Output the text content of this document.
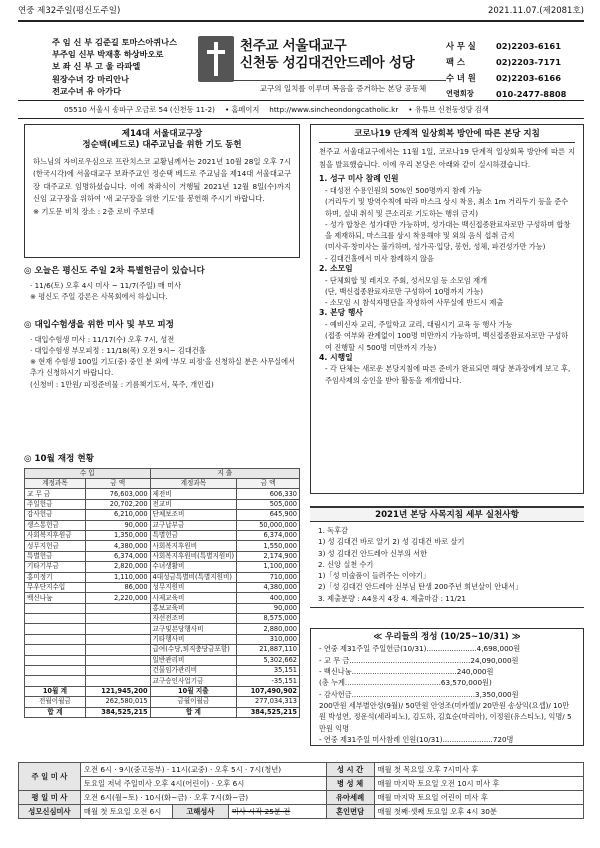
연중 제32주일(평신도주일)	2021.11.07.(제2081호)
주 임 신 부 김준길 토마스아퀴나스
부주임 신부 박재홍 하상바오로
보 좌 신 부 고 울 라파엘
원장수녀 강 마리안나
전교수녀 유 아가다
천주교 서울대교구
신천동 성김대건안드레아 성당
교구의 일치를 이루며 복음을 증거하는 본당 공동체
사 무 실	02)2203-6161
팩 스	02)2203-7171
수 녀 원	02)2203-6166
연령회장	010-2477-8808
05510 서울시 송파구 오금로 54 (신천동 11-2) • 홈페이지 http://www.sincheondongcatholic.kr • 유튜브 신천동성당 검색
제14대 서울대교구장
정순택(베드로) 대주교님을 위한 기도 동헌
하느님의 자비로우심으로 프란치스코 교황님께서는 2021년 10월 28일 오후 7시(한국시각)에 서울대교구 보좌주교인 정순택 베드로 주교님을 제14대 서울대교구장 대주교로 임명하셨습니다. 이에 착좌식이 거행될 2021년 12월 8일(수)까지 신임 교구장을 위하여 '새 교구장을 위한 기도'를 봉헌해 주시기 바랍니다.
※ 기도문 비치 장소 : 2층 로비 주보대
◎ 오늘은 평신도 주일 2차 특별헌금이 있습니다
· 11/6(토) 오후 4시 미사 ~ 11/7(주일) 매 미사
※ 평신도 주일 강론은 사목회에서 하십니다.
◎ 대입수험생을 위한 미사 및 부모 피정
· 대입수험생 미사 : 11/17(수) 오후 7시, 성전
· 대입수험생 부모피정 : 11/18(목) 오전 9시~ 김대건홀
※ 현재 수험생 100일 기도(중) 중인 분 외에 '부모 피정'을 신청하실 분은 사무실에서 추가 신청하시기 바랍니다.
(신청비 : 1만원/ 피정준비물 : 기름책기도서, 묵주, 개인컵)
◎ 10월 재정 현황
수 입		지 출	
계정과목	금 액	계정과목	금 액
교 무 금	76,603,000	제전비	606,330
주일헌금	20,702,200	전교비	505,000
감사헌금	6,210,000	단체보조비	645,900
생스통헌금	90,000	교구납부금	50,000,000
사회복지후원금	1,350,000	특별헌금	6,374,000
성무지헌금	4,380,000	사회복지후원비	1,550,000
특별헌금	6,374,000	사회복지후원비(특별지원비)	2,174,900
기타기부금	2,820,000	수녀생활비	1,100,000
홍미정기	1,110,000	4대성금특별비(특별지원비)	710,000
무우단지수입	86,000	성무지원비	4,380,000
백신나눔	2,220,000	사제교육비	400,000
		홍보교육비	90,000
		자선전조비	8,575,000
		교구및본당행사비	2,880,000
		기타행사비	310,000
		급여(수당,퇴직충당금포함)	21,887,110
		일반관리비	5,302,662
		건물임가관리비	35,151
		교구승인사업기금	-35,151
10월 계	121,945,200	10월 지출	107,490,902
전월이월금	262,580,015	금월이월금	277,034,313
합 계	384,525,215	합 계	384,525,215
코로나19 단계적 일상회복 방안에 따른 본당 지침
천주교 서울대교구에서는 11월 1일, 코로나19 단계적 일상회복 방안에 따른 지침을 발표했습니다. 이에 우리 본당은 아래와 같이 실시하겠습니다.
1. 성구 미사 참례 인원
- 대성전 수용인원의 50%인 500명까지 참례 가능
(거리두기 및 방역수칙에 따라 마스크 상시 착용, 최소 1m 거리두기 등을 준수하며, 실내 취식 및 큰소리로 기도하는 행위 금지)
- 성가 합창은 성가대만 가능하며, 성가대는 백신접종완료자로만 구성하며 합창을 제재하되, 마스크를 상시 착용해야 및 외의 음식 섭취 금지
(미사곡·창미사는 불가하며, 성가곡·입당, 봉헌, 성체, 파견성가만 가능)
- 김대건홀에서 미사 참례하지 않음
2. 소모임
- 단체회합 및 레지오 주회, 성서모임 등 소모임 재개
(단, 백신접종완료자로만 구성하여 10명까지 가능)
- 소모임 시 참석자명단을 작성하여 사무실에 반드시 제출
3. 본당 행사
- 예비신자 교리, 주일학교 교리, 대림시기 교육 등 행사 가능
(접종 여부와 관계없이 100명 미만까지 가능하며, 백신접종완료자로만 구성하여 진행할 시 500명 미만까지 가능)
4. 시행일
- 각 단체는 새로운 본당지침에 따른 준비가 완료되면 해당 분과장에게 보고 후, 주임사제의 승인을 받아 활동을 재개합니다.
2021년 본당 사목지침 세부 실천사항
1. 독후감
1) 성 김대건 바로 알기 2) 성 김대건 바로 살기
3) 성 김대건 안드레아 신부의 서한
2. 신앙 실천 수기
1)「성 미술품이 들려주는 이야기」
2)「성 김대건 안드레아 신부님 탄생 200주년 희년살이 안내서」
3. 제출분량 : A4용지 4장 4. 제출마감 : 11/21
≪ 우리들의 정성 (10/25~10/31) ≫
- 연중 제31주일 주일헌금(10/31)......................4,698,000원
- 교 무 금.....................................................24,090,000원
- 백신나눔..............................................240,000원
(총 누계..........................................63,570,000원)
- 감사헌금......................................................3,350,000원
200만원 세부별안성(9월)/ 50만원 안영조(미카엘)/ 20만원 송상익(요셉)/ 10만원 박성연, 정운석(세라피노), 김도하, 김효순(마리아), 이정원(유스티노), 익명/ 5만원 익명
- 연중 제31주일 미사참례 인원(10/31)......................720명
주 일 미 사	오전 6시 · 9시(중고등부) · 11시(교중) · 오후 5시 · 7시(청년)			성 시 간	매월 첫 목요일 오후 7시미사 후
	토요일 저녁 주일미사 오후 4시(어린이) · 오후 6시			병 성 체	매월 마지막 토요일 오전 10시 미사 후
평 일 미 사	오전 6시(월~토) · 10시(화~금) · 오후 7시(화~금)			유아세례	매월 마지막 토요일 어린이 미사 후
성모신심미사	매월 첫 토요일 오전 6시	고해성사	미사 시작 25분 전	혼인면담	매월 첫째·셋째 토요일 오후 4시 30분
